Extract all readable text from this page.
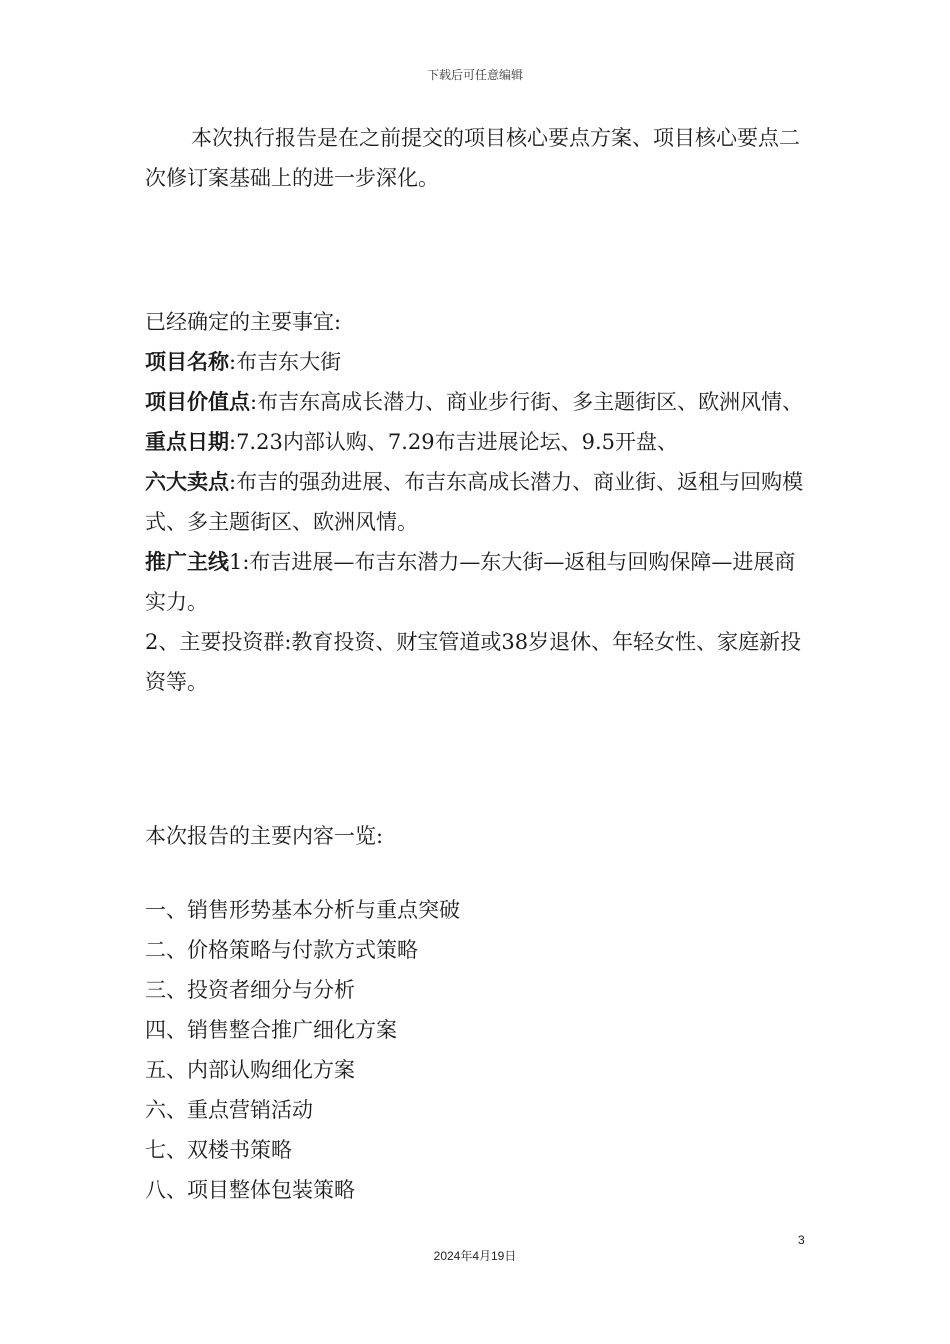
下载后可任意编辑
本次执行报告是在之前提交的项目核心要点方案、项目核心要点二次修订案基础上的进一步深化。

已经确定的主要事宜:

项目名称:布吉东大街

项目价值点:布吉东高成长潜力、商业步行街、多主题街区、欧洲风情、

重点日期:7.23内部认购、7.29布吉进展论坛、9.5开盘、

六大卖点:布吉的强劲进展、布吉东高成长潜力、商业街、返租与回购模式、多主题街区、欧洲风情。

推广主线1:布吉进展—布吉东潜力—东大街—返租与回购保障—进展商实力。

2、主要投资群:教育投资、财宝管道或38岁退休、年轻女性、家庭新投资等。

本次报告的主要内容一览:

一、销售形势基本分析与重点突破

二、价格策略与付款方式策略

三、投资者细分与分析

四、销售整合推广细化方案

五、内部认购细化方案

六、重点营销活动

七、双楼书策略

八、项目整体包装策略

3
2024年4月19日
